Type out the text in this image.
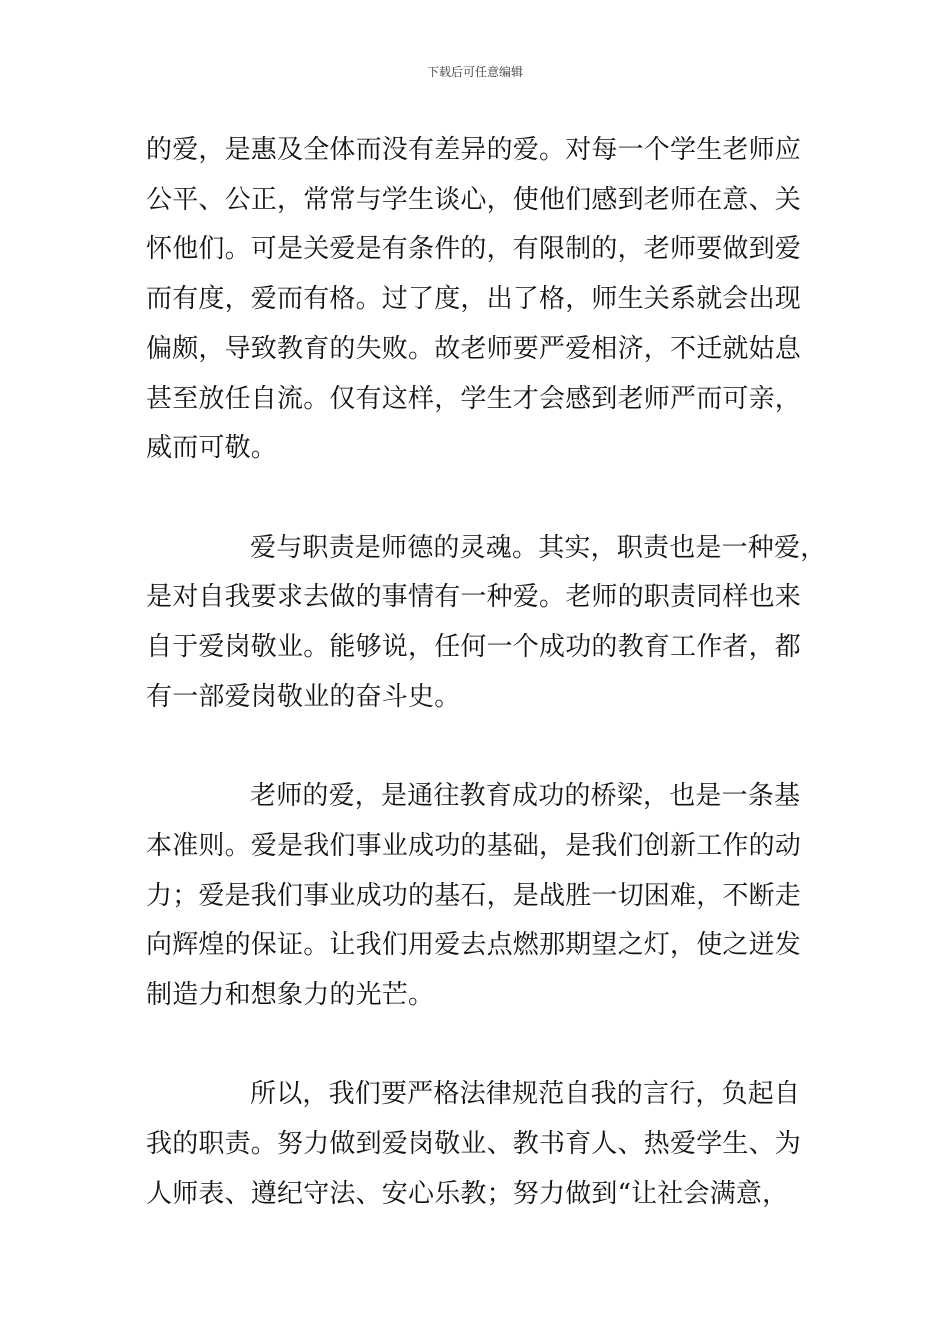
下载后可任意编辑
的爱，是惠及全体而没有差异的爱。对每一个学生老师应
公平、公正，常常与学生谈心，使他们感到老师在意、关
怀他们。可是关爱是有条件的，有限制的，老师要做到爱
而有度，爱而有格。过了度，出了格，师生关系就会出现
偏颇，导致教育的失败。故老师要严爱相济，不迁就姑息
甚至放任自流。仅有这样，学生才会感到老师严而可亲，
威而可敬。
爱与职责是师德的灵魂。其实，职责也是一种爱，
是对自我要求去做的事情有一种爱。老师的职责同样也来
自于爱岗敬业。能够说，任何一个成功的教育工作者，都
有一部爱岗敬业的奋斗史。
老师的爱，是通往教育成功的桥梁，也是一条基
本准则。爱是我们事业成功的基础，是我们创新工作的动
力；爱是我们事业成功的基石，是战胜一切困难，不断走
向辉煌的保证。让我们用爱去点燃那期望之灯，使之迸发
制造力和想象力的光芒。
所以，我们要严格法律规范自我的言行，负起自
我的职责。努力做到爱岗敬业、教书育人、热爱学生、为
人师表、遵纪守法、安心乐教；努力做到“让社会满意，
